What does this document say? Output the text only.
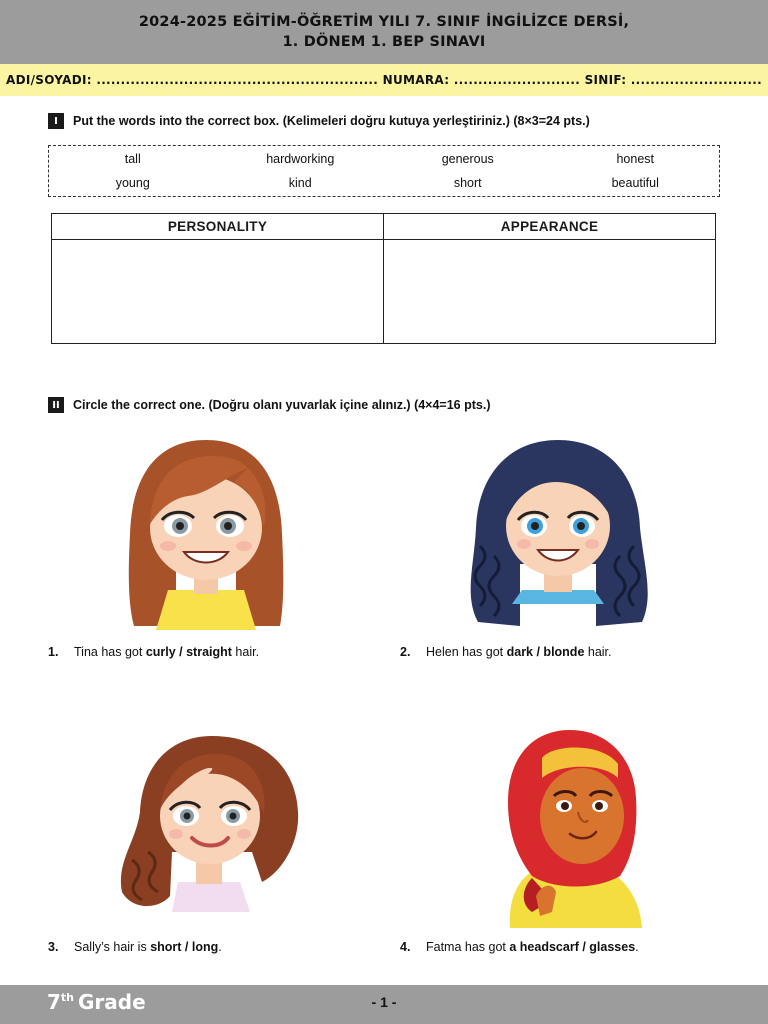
2024-2025 EĞİTİM-ÖĞRETİM YILI 7. SINIF İNGİLİZCE DERSİ,
1. DÖNEM 1. BEP SINAVI
ADI/SOYADI: ..........................................................
NUMARA: ..........................
SINIF: ...........................
I	Put the words into the correct box. (Kelimeleri doğru kutuya yerleştiriniz.) (8×3=24 pts.)
tall	hardworking	generous	honest
young	kind	short	beautiful
PERSONALITY	APPEARANCE

II	Circle the correct one. (Doğru olanı yuvarlak içine alınız.) (4×4=16 pts.)
1. Tina has got curly / straight hair.	2. Helen has got dark / blonde hair.
3. Sally’s hair is short / long.	4. Fatma has got a headscarf / glasses.
7th Grade	- 1 -
